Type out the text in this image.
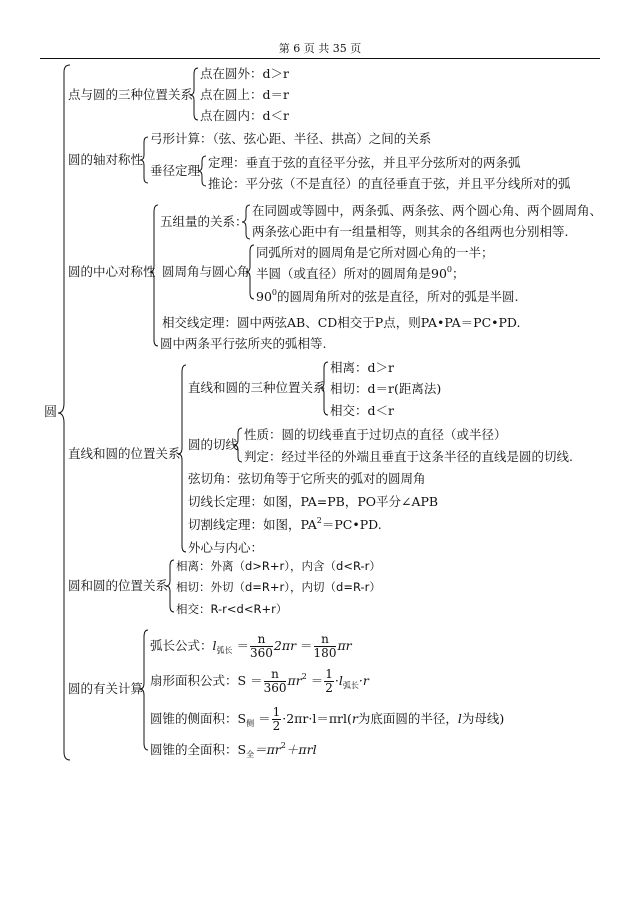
第 6 页 共 35 页
圆
点与圆的三种位置关系
点在圆外：d＞r
点在圆上：d＝r
点在圆内：d＜r
圆的轴对称性
弓形计算：（弦、弦心距、半径、拱高）之间的关系
垂径定理
定理：垂直于弦的直径平分弦，并且平分弦所对的两条弧
推论：平分弦（不是直径）的直径垂直于弦，并且平分线所对的弧
圆的中心对称性
五组量的关系：
在同圆或等圆中，两条弧、两条弦、两个圆心角、两个圆周角、
两条弦心距中有一组量相等，则其余的各组两也分别相等.
圆周角与圆心角
同弧所对的圆周角是它所对圆心角的一半；
半圆（或直径）所对的圆周角是$90^0$；
$90^0$的圆周角所对的弦是直径，所对的弧是半圆.
相交线定理：圆中两弦AB、CD相交于P点，则PA•PA＝PC•PD.
圆中两条平行弦所夹的弧相等.
直线和圆的位置关系
直线和圆的三种位置关系
相离：d＞r
相切：d＝r(距离法)
相交：d＜r
圆的切线
性质：圆的切线垂直于过切点的直径（或半径）
判定：经过半径的外端且垂直于这条半径的直线是圆的切线.
弦切角：弦切角等于它所夹的弧对的圆周角
切线长定理：如图，PA=PB，PO平分∠APB
切割线定理：如图，$PA^2=PC•PD$.
外心与内心：
圆和圆的位置关系
相离：外离（d>R+r），内含（d<R-r）
相切：外切（d=R+r），内切（d=R-r）
相交：R-r<d<R+r）
圆的有关计算
弧长公式：$l_{弧长} = \frac{n}{360} 2\pi r = \frac{n}{180}$ πr
扇形面积公式：$S = \frac{n}{360} \pi r^2 = \frac{1}{2} \cdot l_{弧长}\cdot r$
圆锥的侧面积：$S_侧 = \frac{1}{2} \cdot 2\pi r\cdot l=\pi rl(r$为底面圆的半径，l为母线)
圆锥的全面积：$S_全=\pi r^2+\pi rl$
